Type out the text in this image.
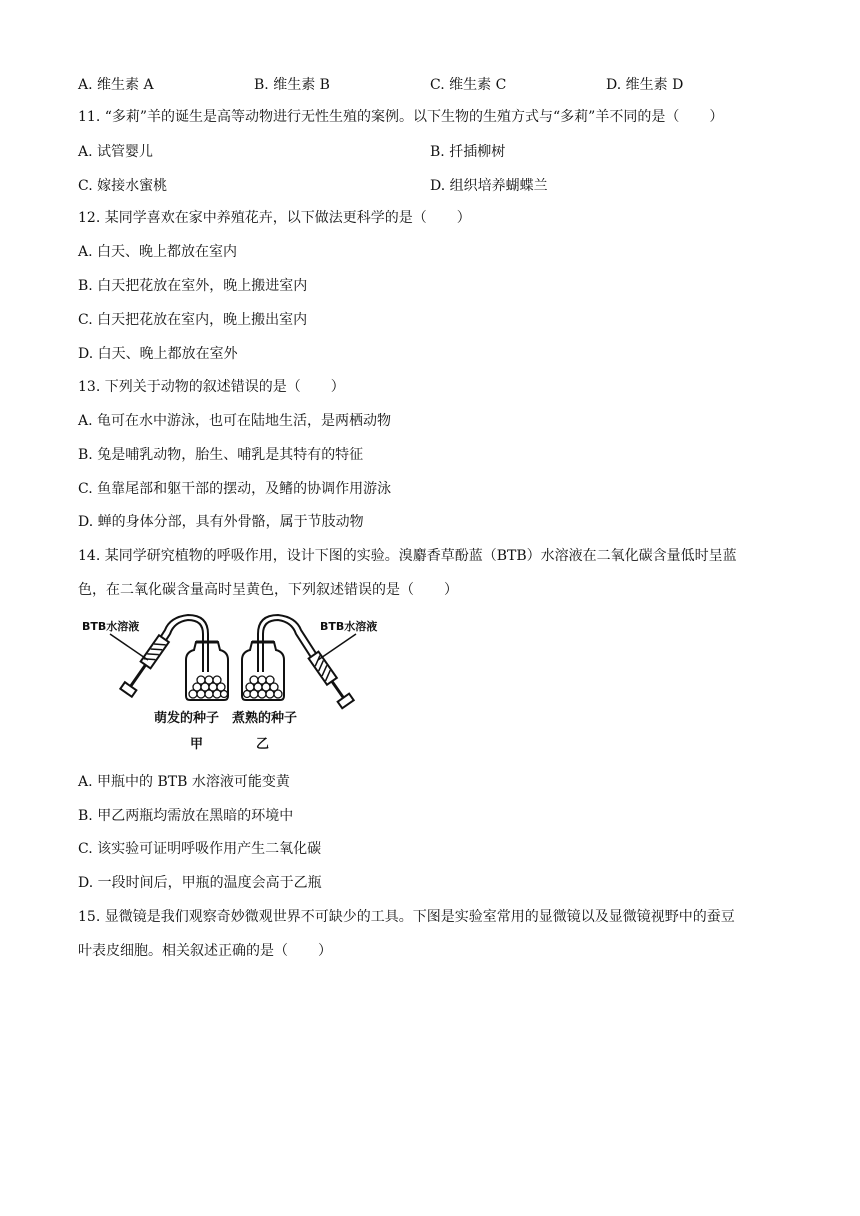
A. 维生素 A	B. 维生素 B	C. 维生素 C	D. 维生素 D
11. “多莉”羊的诞生是高等动物进行无性生殖的案例。以下生物的生殖方式与“多莉”羊不同的是（ ）
A. 试管婴儿	B. 扦插柳树
C. 嫁接水蜜桃	D. 组织培养蝴蝶兰
12. 某同学喜欢在家中养殖花卉，以下做法更科学的是（ ）
A. 白天、晚上都放在室内
B. 白天把花放在室外，晚上搬进室内
C. 白天把花放在室内，晚上搬出室内
D. 白天、晚上都放在室外
13. 下列关于动物的叙述错误的是（ ）
A. 龟可在水中游泳，也可在陆地生活，是两栖动物
B. 兔是哺乳动物，胎生、哺乳是其特有的特征
C. 鱼靠尾部和躯干部的摆动，及鳍的协调作用游泳
D. 蝉的身体分部，具有外骨骼，属于节肢动物
14. 某同学研究植物的呼吸作用，设计下图的实验。溴麝香草酚蓝（BTB）水溶液在二氧化碳含量低时呈蓝
色，在二氧化碳含量高时呈黄色，下列叙述错误的是（ ）
BTB水溶液
萌发的种子
甲
BTB水溶液
煮熟的种子
乙
A. 甲瓶中的 BTB 水溶液可能变黄
B. 甲乙两瓶均需放在黑暗的环境中
C. 该实验可证明呼吸作用产生二氧化碳
D. 一段时间后，甲瓶的温度会高于乙瓶
15. 显微镜是我们观察奇妙微观世界不可缺少的工具。下图是实验室常用的显微镜以及显微镜视野中的蚕豆
叶表皮细胞。相关叙述正确的是（ ）
